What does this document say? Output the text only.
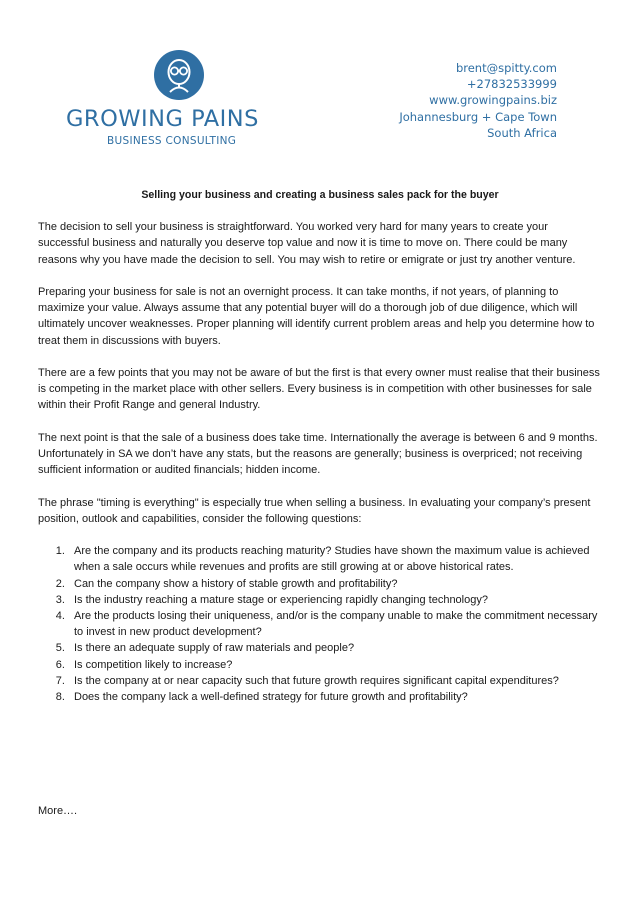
GROWING PAINS
BUSINESS CONSULTING
brent@spitty.com
+27832533999
www.growingpains.biz
Johannesburg + Cape Town
South Africa
Selling your business and creating a business sales pack for the buyer

The decision to sell your business is straightforward. You worked very hard for many years to create your successful business and naturally you deserve top value and now it is time to move on. There could be many reasons why you have made the decision to sell. You may wish to retire or emigrate or just try another venture.

Preparing your business for sale is not an overnight process. It can take months, if not years, of planning to maximize your value. Always assume that any potential buyer will do a thorough job of due diligence, which will ultimately uncover weaknesses. Proper planning will identify current problem areas and help you determine how to treat them in discussions with buyers.

There are a few points that you may not be aware of but the first is that every owner must realise that their business is competing in the market place with other sellers. Every business is in competition with other businesses for sale within their Profit Range and general Industry.

The next point is that the sale of a business does take time. Internationally the average is between 6 and 9 months. Unfortunately in SA we don’t have any stats, but the reasons are generally; business is overpriced; not receiving sufficient information or audited financials; hidden income.

The phrase "timing is everything" is especially true when selling a business. In evaluating your company’s present position, outlook and capabilities, consider the following questions:

1. Are the company and its products reaching maturity? Studies have shown the maximum value is achieved when a sale occurs while revenues and profits are still growing at or above historical rates.
2. Can the company show a history of stable growth and profitability?
3. Is the industry reaching a mature stage or experiencing rapidly changing technology?
4. Are the products losing their uniqueness, and/or is the company unable to make the commitment necessary to invest in new product development?
5. Is there an adequate supply of raw materials and people?
6. Is competition likely to increase?
7. Is the company at or near capacity such that future growth requires significant capital expenditures?
8. Does the company lack a well-defined strategy for future growth and profitability?
More….
